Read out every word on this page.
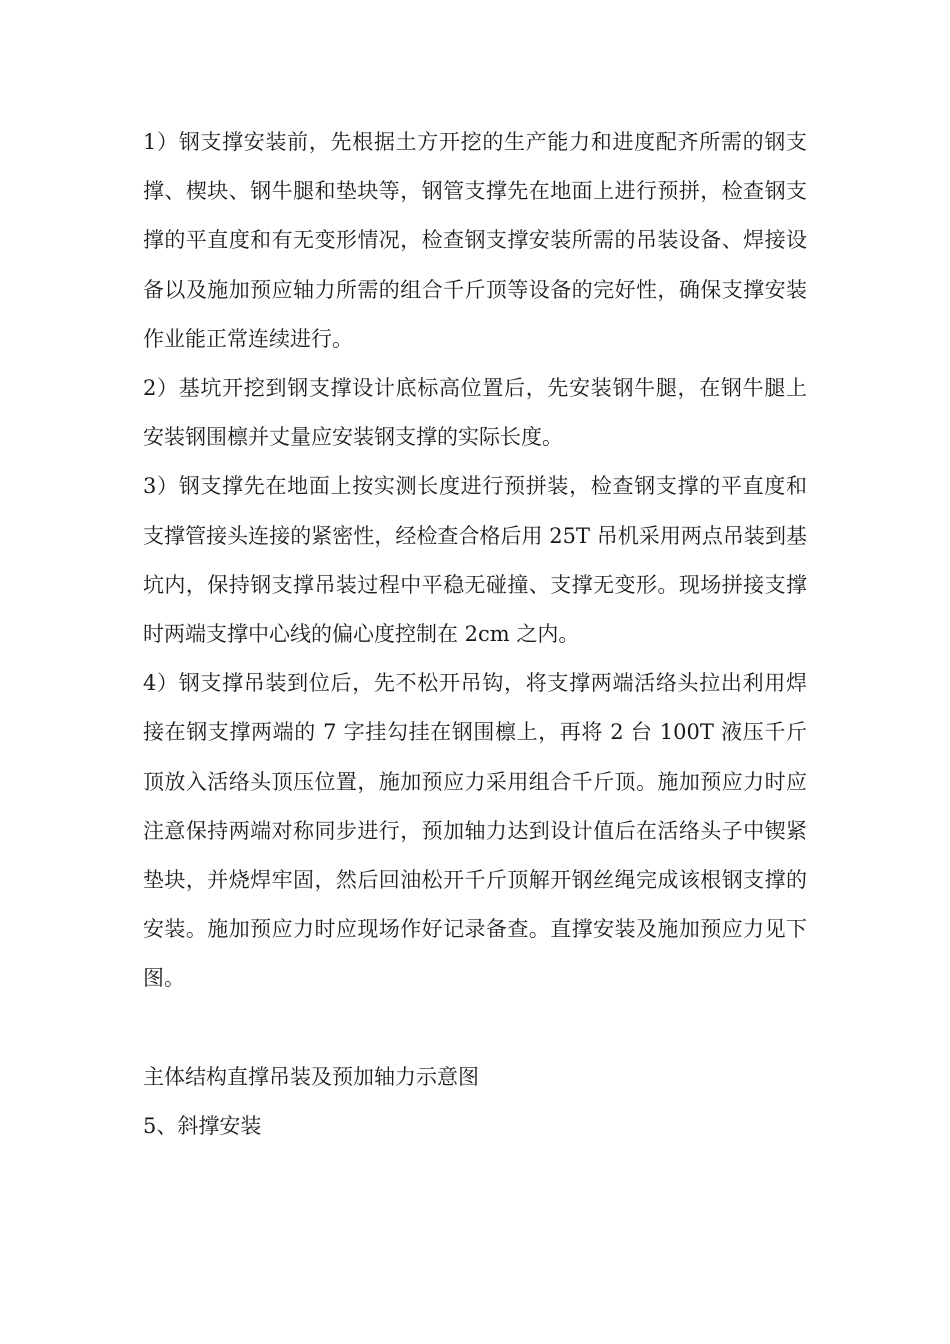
1）钢支撑安装前，先根据土方开挖的生产能力和进度配齐所需的钢支撑、楔块、钢牛腿和垫块等，钢管支撑先在地面上进行预拼，检查钢支撑的平直度和有无变形情况，检查钢支撑安装所需的吊装设备、焊接设备以及施加预应轴力所需的组合千斤顶等设备的完好性，确保支撑安装作业能正常连续进行。

2）基坑开挖到钢支撑设计底标高位置后，先安装钢牛腿，在钢牛腿上安装钢围檩并丈量应安装钢支撑的实际长度。

3）钢支撑先在地面上按实测长度进行预拼装，检查钢支撑的平直度和支撑管接头连接的紧密性，经检查合格后用 25T 吊机采用两点吊装到基坑内，保持钢支撑吊装过程中平稳无碰撞、支撑无变形。现场拼接支撑时两端支撑中心线的偏心度控制在 2cm 之内。

4）钢支撑吊装到位后，先不松开吊钩，将支撑两端活络头拉出利用焊接在钢支撑两端的 7 字挂勾挂在钢围檩上，再将 2 台 100T 液压千斤顶放入活络头顶压位置，施加预应力采用组合千斤顶。施加预应力时应注意保持两端对称同步进行，预加轴力达到设计值后在活络头子中锲紧垫块，并烧焊牢固，然后回油松开千斤顶解开钢丝绳完成该根钢支撑的安装。施加预应力时应现场作好记录备查。直撑安装及施加预应力见下图。

主体结构直撑吊装及预加轴力示意图

5、斜撑安装
